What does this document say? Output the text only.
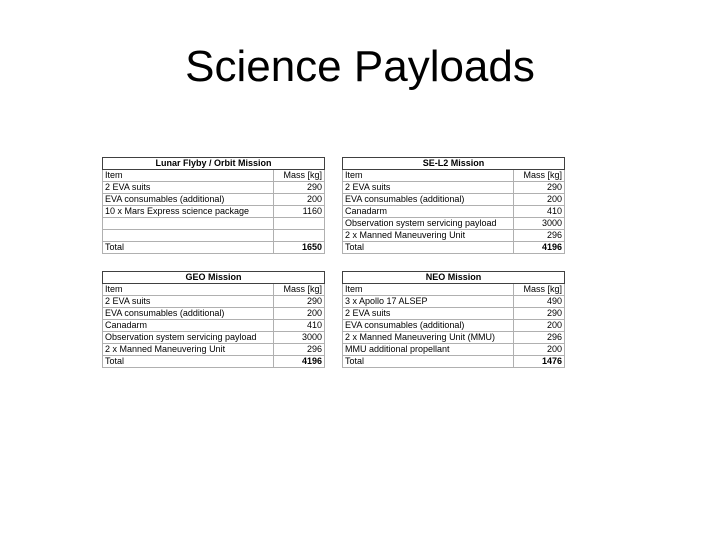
Science Payloads
Lunar Flyby / Orbit Mission	
Item	Mass [kg]
2 EVA suits	290
EVA consumables (additional)	200
10 x Mars Express science package	1160

Total	1650
SE-L2 Mission	
Item	Mass [kg]
2 EVA suits	290
EVA consumables (additional)	200
Canadarm	410
Observation system servicing payload	3000
2 x Manned Maneuvering Unit	296
Total	4196
GEO Mission	
Item	Mass [kg]
2 EVA suits	290
EVA consumables (additional)	200
Canadarm	410
Observation system servicing payload	3000
2 x Manned Maneuvering Unit	296
Total	4196
NEO Mission	
Item	Mass [kg]
3 x Apollo 17 ALSEP	490
2 EVA suits	290
EVA consumables (additional)	200
2 x Manned Maneuvering Unit (MMU)	296
MMU additional propellant	200
Total	1476
